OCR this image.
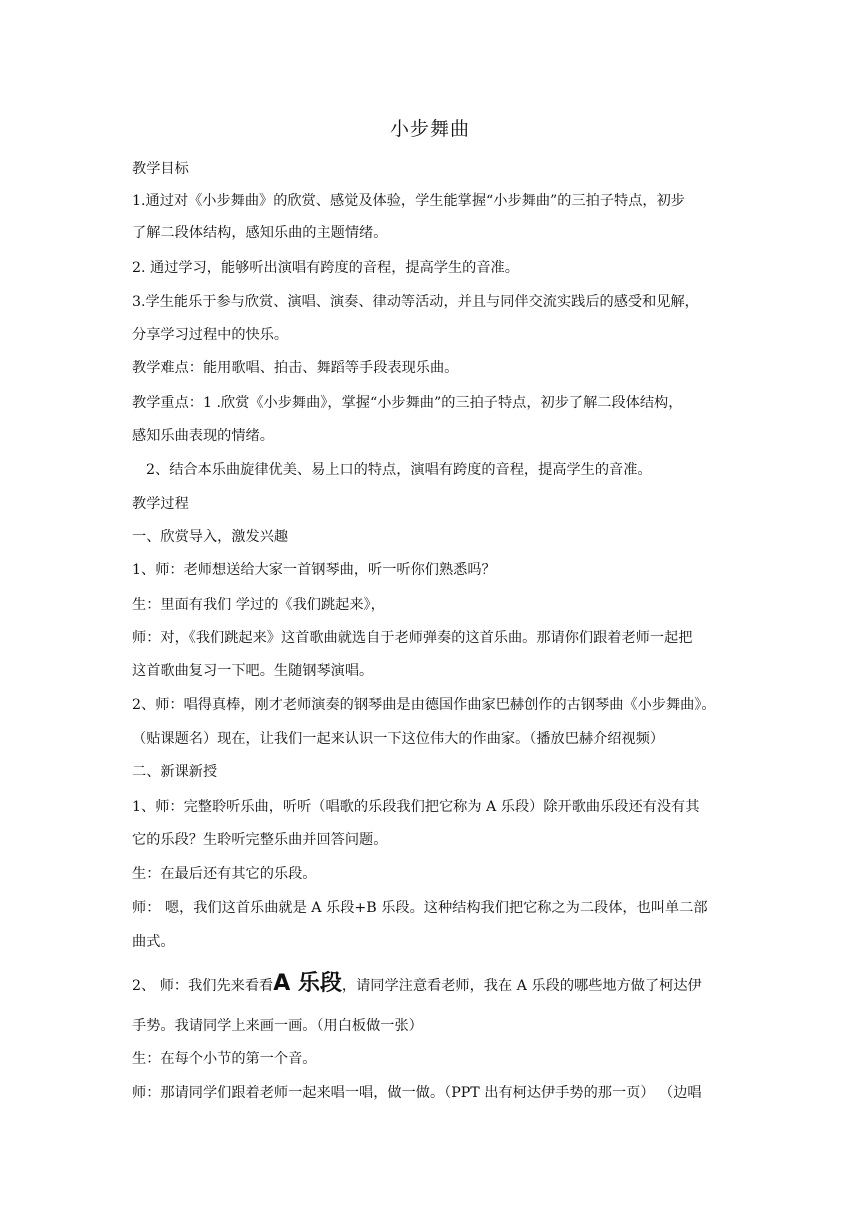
小步舞曲

教学目标

1.通过对《小步舞曲》的欣赏、感觉及体验，学生能掌握“小步舞曲”的三拍子特点，初步

了解二段体结构，感知乐曲的主题情绪。

2. 通过学习，能够听出演唱有跨度的音程，提高学生的音准。

3.学生能乐于参与欣赏、演唱、演奏、律动等活动，并且与同伴交流实践后的感受和见解，

分享学习过程中的快乐。

教学难点：能用歌唱、拍击、舞蹈等手段表现乐曲。

教学重点：1 .欣赏《小步舞曲》，掌握“小步舞曲”的三拍子特点，初步了解二段体结构，

感知乐曲表现的情绪。

2、结合本乐曲旋律优美、易上口的特点，演唱有跨度的音程，提高学生的音准。

教学过程

一、欣赏导入，激发兴趣

1、师：老师想送给大家一首钢琴曲，听一听你们熟悉吗？

生：里面有我们 学过的《我们跳起来》，

师：对，《我们跳起来》这首歌曲就选自于老师弹奏的这首乐曲。那请你们跟着老师一起把

这首歌曲复习一下吧。生随钢琴演唱。

2、师：唱得真棒，刚才老师演奏的钢琴曲是由德国作曲家巴赫创作的古钢琴曲《小步舞曲》。

（贴课题名）现在，让我们一起来认识一下这位伟大的作曲家。（播放巴赫介绍视频）

二、新课新授

1、师：完整聆听乐曲，听听（唱歌的乐段我们把它称为 A 乐段）除开歌曲乐段还有没有其

它的乐段？生聆听完整乐曲并回答问题。

生：在最后还有其它的乐段。

师： 嗯，我们这首乐曲就是 A 乐段+B 乐段。这种结构我们把它称之为二段体，也叫单二部

曲式。

2、 师：我们先来看看A 乐段，请同学注意看老师，我在 A 乐段的哪些地方做了柯达伊

手势。我请同学上来画一画。（用白板做一张）

生：在每个小节的第一个音。

师：那请同学们跟着老师一起来唱一唱，做一做。（PPT 出有柯达伊手势的那一页） （边唱
